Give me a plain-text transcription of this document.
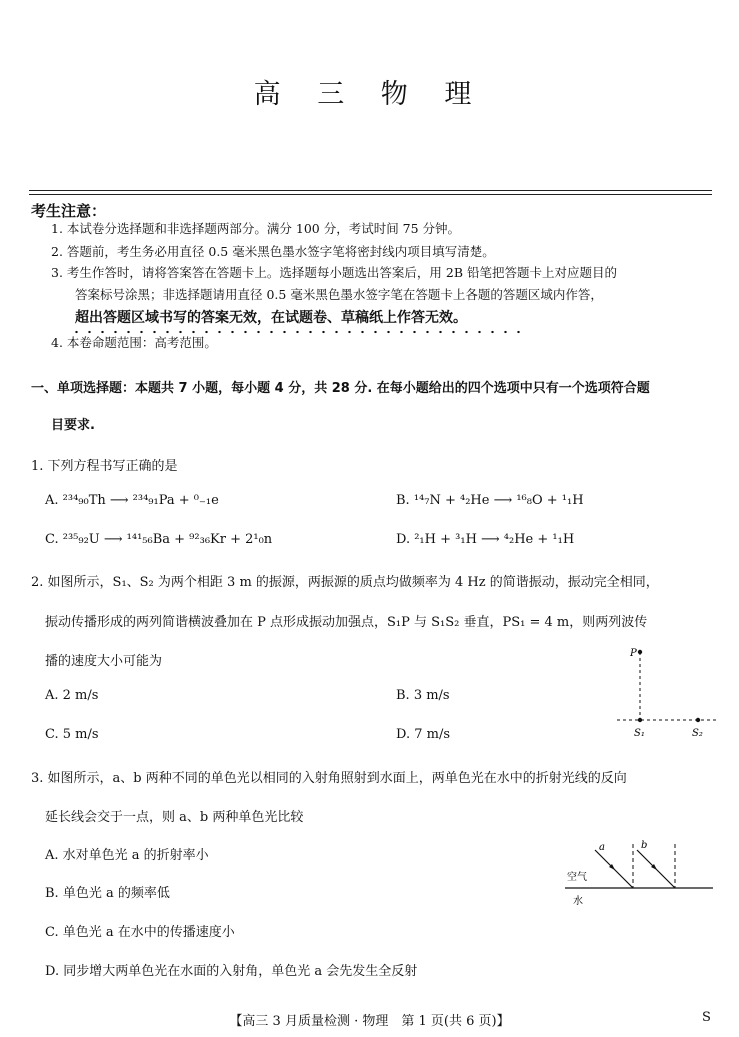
高 三 物 理
考生注意：
1. 本试卷分选择题和非选择题两部分。满分 100 分，考试时间 75 分钟。
2. 答题前，考生务必用直径 0.5 毫米黑色墨水签字笔将密封线内项目填写清楚。
3. 考生作答时，请将答案答在答题卡上。选择题每小题选出答案后，用 2B 铅笔把答题卡上对应题目的
答案标号涂黑；非选择题请用直径 0.5 毫米黑色墨水签字笔在答题卡上各题的答题区域内作答，
超出答题区域书写的答案无效，在试题卷、草稿纸上作答无效。
4. 本卷命题范围：高考范围。
一、单项选择题：本题共 7 小题，每小题 4 分，共 28 分. 在每小题给出的四个选项中只有一个选项符合题
目要求.
1. 下列方程书写正确的是
A. ²³⁴₉₀Th ⟶ ²³⁴₉₁Pa + ⁰₋₁e	B. ¹⁴₇N + ⁴₂He ⟶ ¹⁶₈O + ¹₁H
C. ²³⁵₉₂U ⟶ ¹⁴¹₅₆Ba + ⁹²₃₆Kr + 2¹₀n	D. ²₁H + ³₁H ⟶ ⁴₂He + ¹₁H
2. 如图所示，S₁、S₂ 为两个相距 3 m 的振源，两振源的质点均做频率为 4 Hz 的简谐振动，振动完全相同，
振动传播形成的两列简谐横波叠加在 P 点形成振动加强点，S₁P 与 S₁S₂ 垂直，PS₁ = 4 m，则两列波传
播的速度大小可能为
A. 2 m/s	B. 3 m/s
C. 5 m/s	D. 7 m/s
P
S₁	S₂
3. 如图所示，a、b 两种不同的单色光以相同的入射角照射到水面上，两单色光在水中的折射光线的反向
延长线会交于一点，则 a、b 两种单色光比较
A. 水对单色光 a 的折射率小
B. 单色光 a 的频率低
C. 单色光 a 在水中的传播速度小
D. 同步增大两单色光在水面的入射角，单色光 a 会先发生全反射
a	b
空气
水
【高三 3 月质量检测 · 物理　第 1 页(共 6 页)】	S
